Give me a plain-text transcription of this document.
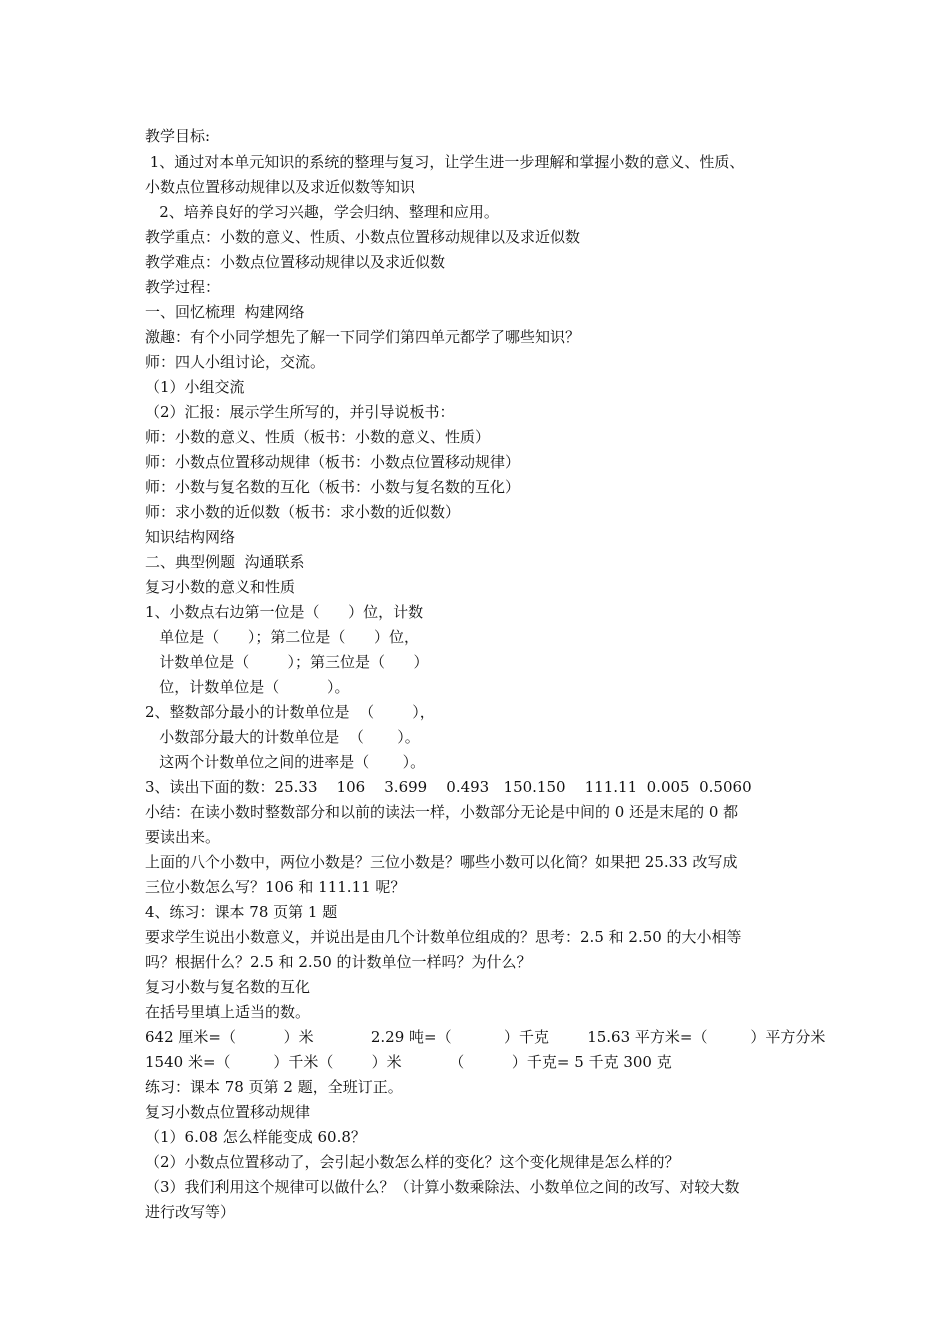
教学目标:
1、通过对本单元知识的系统的整理与复习，让学生进一步理解和掌握小数的意义、性质、
小数点位置移动规律以及求近似数等知识
2、培养良好的学习兴趣，学会归纳、整理和应用。
教学重点：小数的意义、性质、小数点位置移动规律以及求近似数
教学难点：小数点位置移动规律以及求近似数
教学过程：
一、回忆梳理  构建网络
激趣：有个小同学想先了解一下同学们第四单元都学了哪些知识？
师：四人小组讨论，交流。
（1）小组交流
（2）汇报：展示学生所写的，并引导说板书：
师：小数的意义、性质（板书：小数的意义、性质）
师：小数点位置移动规律（板书：小数点位置移动规律）
师：小数与复名数的互化（板书：小数与复名数的互化）
师：求小数的近似数（板书：求小数的近似数）
知识结构网络
二、典型例题  沟通联系
复习小数的意义和性质
1、小数点右边第一位是（      ）位，计数
单位是（      ）；第二位是（      ）位，
计数单位是（        ）；第三位是（      ）
位，计数单位是（          ）。
2、整数部分最小的计数单位是  （        ），
小数部分最大的计数单位是  （       ）。
这两个计数单位之间的进率是（       ）。
3、读出下面的数：25.33    106    3.699    0.493   150.150    111.11  0.005  0.5060
小结：在读小数时整数部分和以前的读法一样，小数部分无论是中间的 0 还是末尾的 0 都
要读出来。
上面的八个小数中，两位小数是？三位小数是？哪些小数可以化简？如果把 25.33 改写成
三位小数怎么写？106 和 111.11 呢？
4、练习：课本 78 页第 1 题
要求学生说出小数意义，并说出是由几个计数单位组成的？思考：2.5 和 2.50 的大小相等
吗？根据什么？2.5 和 2.50 的计数单位一样吗？为什么？
复习小数与复名数的互化
在括号里填上适当的数。
642 厘米=（          ）米            2.29 吨=（           ）千克        15.63 平方米=（         ）平方分米
1540 米=（         ）千米（        ）米          （          ）千克= 5 千克 300 克
练习：课本 78 页第 2 题，全班订正。
复习小数点位置移动规律
（1）6.08 怎么样能变成 60.8？
（2）小数点位置移动了，会引起小数怎么样的变化？这个变化规律是怎么样的？
（3）我们利用这个规律可以做什么？（计算小数乘除法、小数单位之间的改写、对较大数
进行改写等）
